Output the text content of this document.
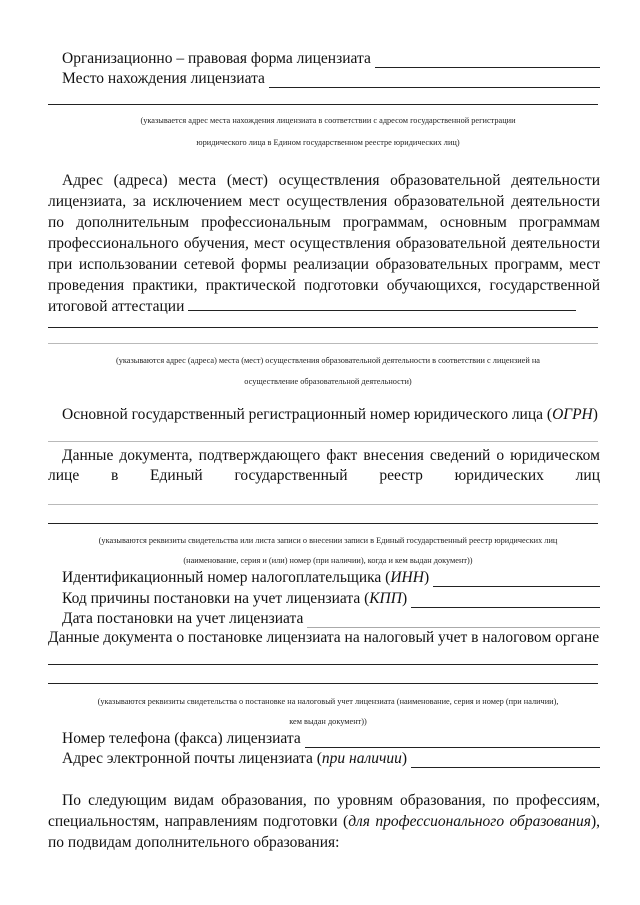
Организационно – правовая форма лицензиата
Место нахождения лицензиата
(указывается адрес места нахождения лицензиата в соответствии с адресом государственной регистрации
юридического лица в Едином государственном реестре юридических лиц)

Адрес (адреса) места (мест) осуществления образовательной деятельности лицензиата, за исключением мест осуществления образовательной деятельности по дополнительным профессиональным программам, основным программам профессионального обучения, мест осуществления образовательной деятельности при использовании сетевой формы реализации образовательных программ, мест проведения практики, практической подготовки обучающихся, государственной итоговой аттестации

(указываются адрес (адреса) места (мест) осуществления образовательной деятельности в соответствии с лицензией на
осуществление образовательной деятельности)
Основной государственный регистрационный номер юридического лица (ОГРН)
Данные документа, подтверждающего факт внесения сведений о юридическом
лице в Единый государственный реестр юридических лиц
(указываются реквизиты свидетельства или листа записи о внесении записи в Единый государственный реестр юридических лиц
(наименование, серия и (или) номер (при наличии), когда и кем выдан документ))
Идентификационный номер налогоплательщика (ИНН)
Код причины постановки на учет лицензиата (КПП)
Дата постановки на учет лицензиата
Данные документа о постановке лицензиата на налоговый учет в налоговом органе
(указываются реквизиты свидетельства о постановке на налоговый учет лицензиата (наименование, серия и номер (при наличии),
кем выдан документ))
Номер телефона (факса) лицензиата
Адрес электронной почты лицензиата (при наличии)

По следующим видам образования, по уровням образования, по профессиям, специальностям, направлениям подготовки (для профессионального образования), по подвидам дополнительного образования:
